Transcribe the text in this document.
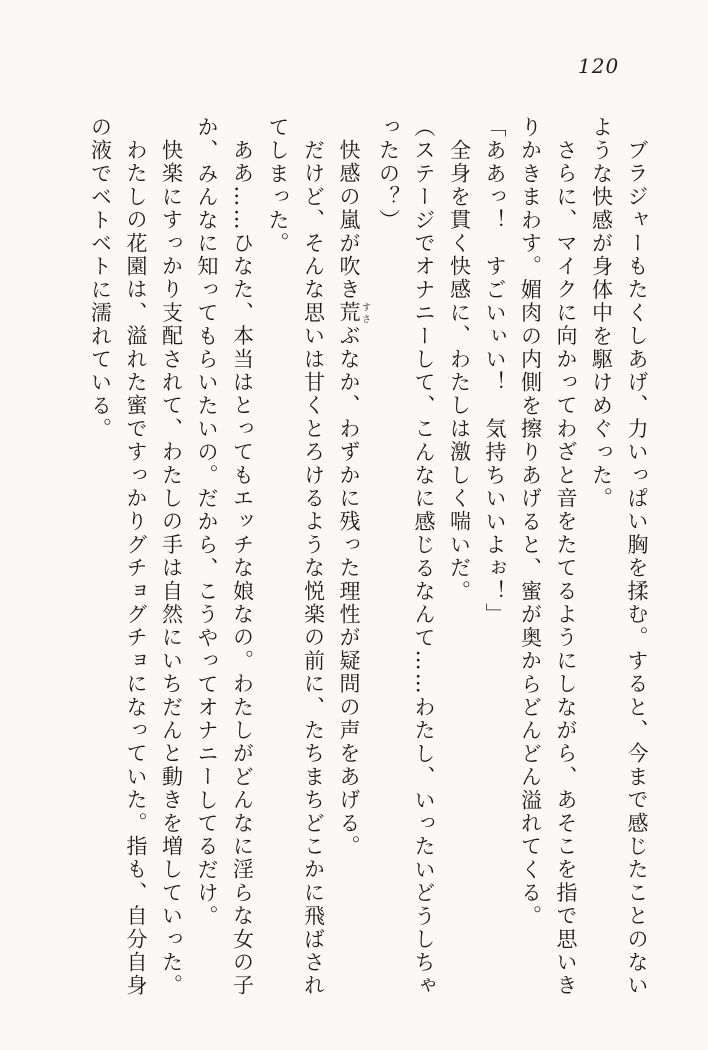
120
ブラジャーもたくしあげ、力いっぱい胸を揉む。すると、今まで感じたことのない
ような快感が身体中を駆けめぐった。
さらに、マイクに向かってわざと音をたてるようにしながら、あそこを指で思いき
りかきまわす。媚肉の内側を擦りあげると、蜜が奥からどんどん溢れてくる。
「ああっ！　すごいぃい！　気持ちいいよぉ！」
全身を貫く快感に、わたしは激しく喘いだ。
（ステージでオナニーして、こんなに感じるなんて……わたし、いったいどうしちゃ
ったの？）
快感の嵐が吹き荒 すさぶなか、わずかに残った理性が疑問の声をあげる。
だけど、そんな思いは甘くとろけるような悦楽の前に、たちまちどこかに飛ばされ
てしまった。
ああ……ひなた、本当はとってもエッチな娘なの。わたしがどんなに淫らな女の子
か、みんなに知ってもらいたいの。だから、こうやってオナニーしてるだけ。
快楽にすっかり支配されて、わたしの手は自然にいちだんと動きを増していった。
わたしの花園は、溢れた蜜ですっかりグチョグチョになっていた。指も、自分自身
の液でベトベトに濡れている。
